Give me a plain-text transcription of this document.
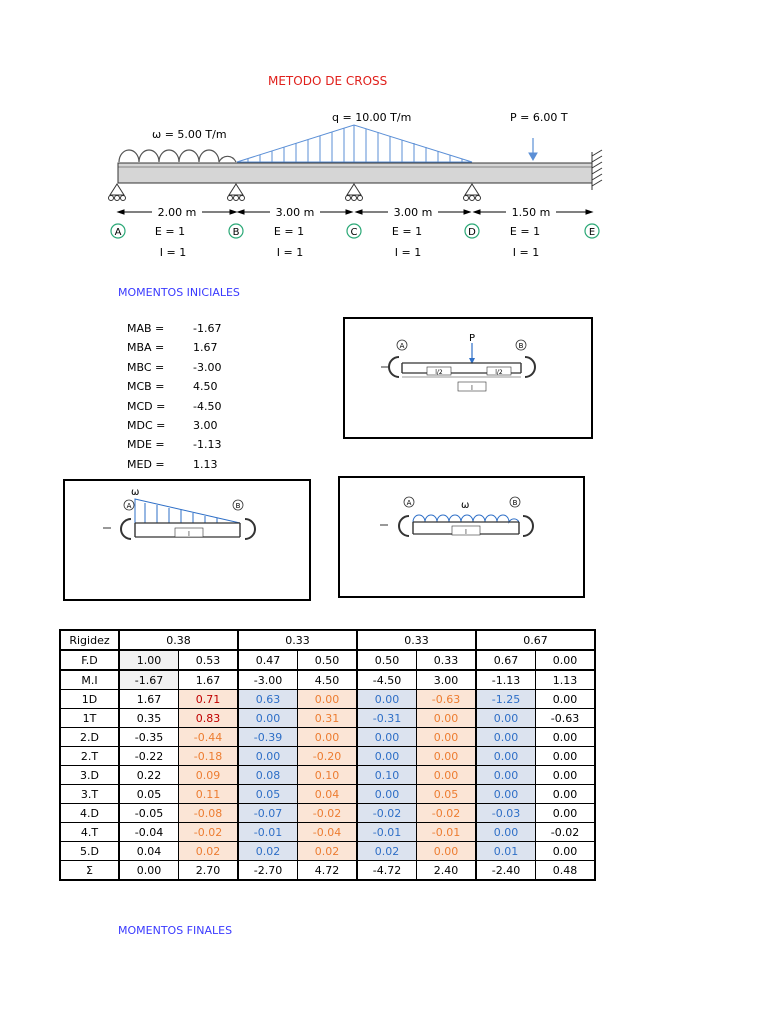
METODO DE CROSS
ω = 5.00 T/m
q = 10.00 T/m	P = 6.00 T
2.00 m	3.00 m	3.00 m	1.50 m
A	B	C	D	E
E = 1	E = 1	E = 1	E = 1
I = 1	I = 1	I = 1	I = 1
MOMENTOS INICIALES
MAB =	-1.67
MBA =	1.67
MBC =	-3.00
MCB =	4.50
MCD =	-4.50
MDC =	3.00
MDE =	-1.13
MED =	1.13
P
A	B
l/2	l/2
l
ω
A	B
l
A	B
ω
l
Rigidez	0.38		0.33		0.33		0.67	
F.D	1.00	0.53	0.47	0.50	0.50	0.33	0.67	0.00
M.I	-1.67	1.67	-3.00	4.50	-4.50	3.00	-1.13	1.13
1D	1.67	0.71	0.63	0.00	0.00	-0.63	-1.25	0.00
1T	0.35	0.83	0.00	0.31	-0.31	0.00	0.00	-0.63
2.D	-0.35	-0.44	-0.39	0.00	0.00	0.00	0.00	0.00
2.T	-0.22	-0.18	0.00	-0.20	0.00	0.00	0.00	0.00
3.D	0.22	0.09	0.08	0.10	0.10	0.00	0.00	0.00
3.T	0.05	0.11	0.05	0.04	0.00	0.05	0.00	0.00
4.D	-0.05	-0.08	-0.07	-0.02	-0.02	-0.02	-0.03	0.00
4.T	-0.04	-0.02	-0.01	-0.04	-0.01	-0.01	0.00	-0.02
5.D	0.04	0.02	0.02	0.02	0.02	0.00	0.01	0.00
Σ	0.00	2.70	-2.70	4.72	-4.72	2.40	-2.40	0.48
MOMENTOS FINALES
